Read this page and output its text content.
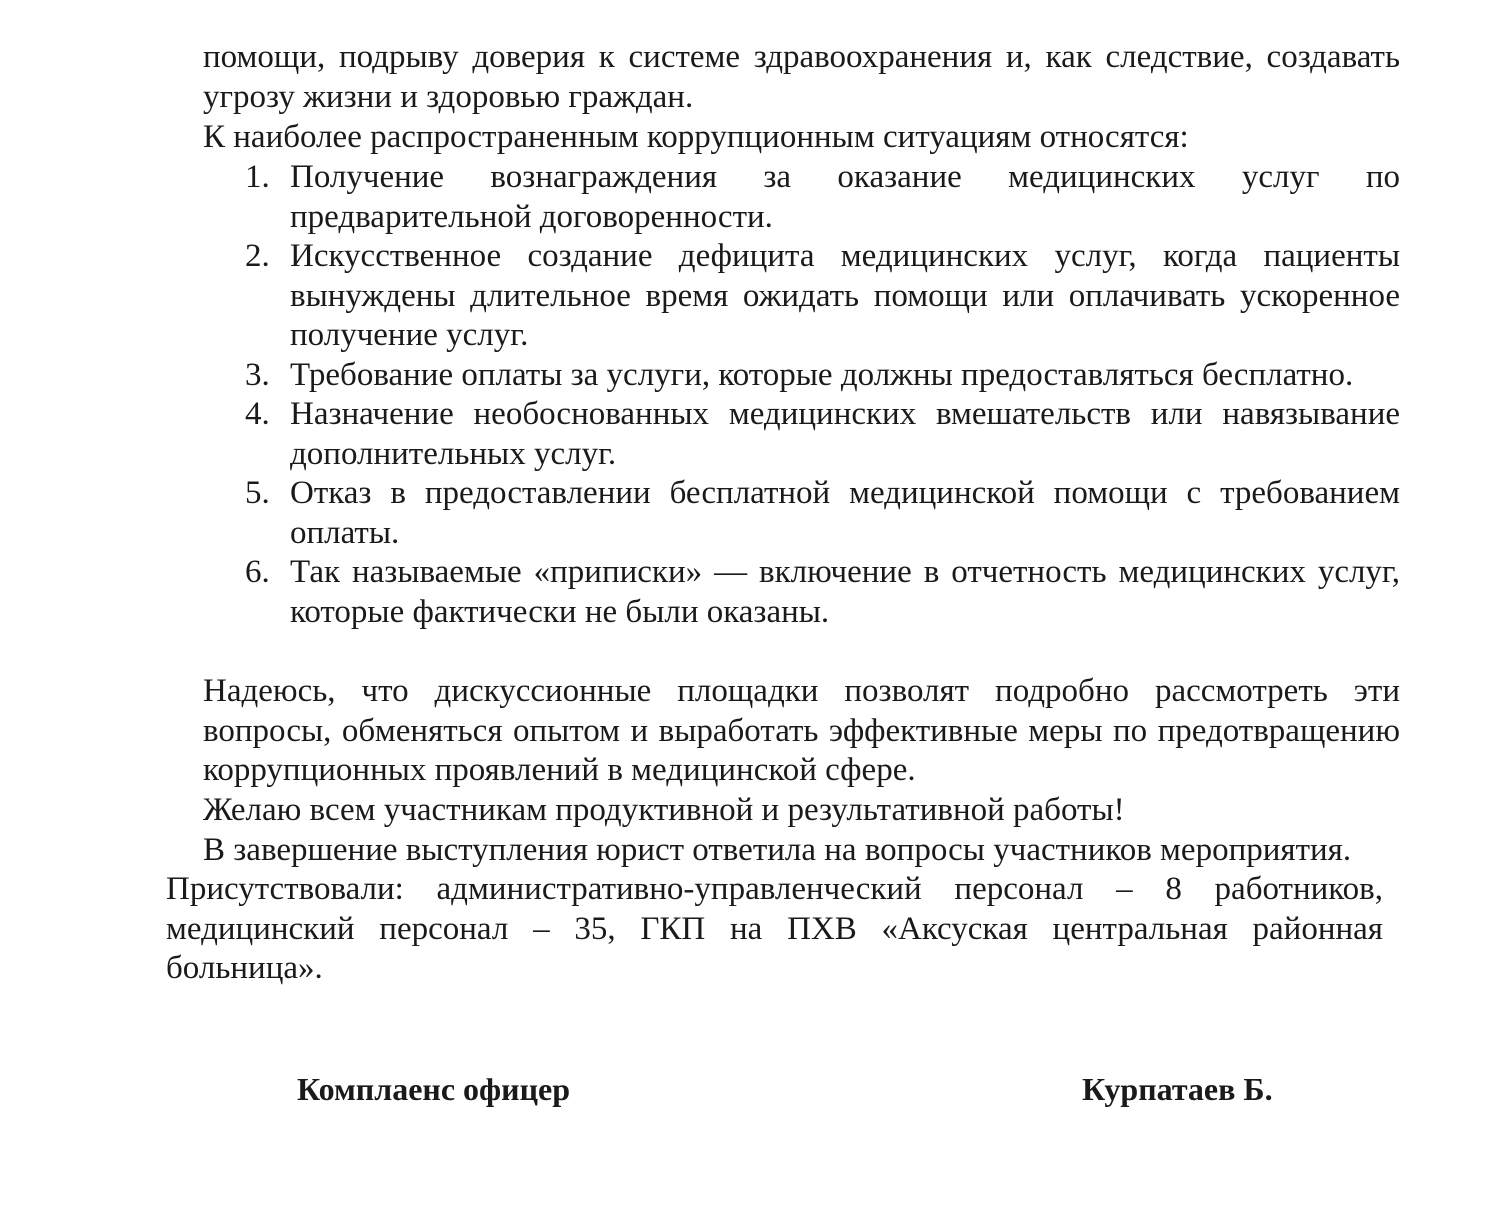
помощи, подрыву доверия к системе здравоохранения и, как следствие, создавать угрозу жизни и здоровью граждан.
К наиболее распространенным коррупционным ситуациям относятся:
1. Получение вознаграждения за оказание медицинских услуг по предварительной договоренности.
2. Искусственное создание дефицита медицинских услуг, когда пациенты вынуждены длительное время ожидать помощи или оплачивать ускоренное получение услуг.
3. Требование оплаты за услуги, которые должны предоставляться бесплатно.
4. Назначение необоснованных медицинских вмешательств или навязывание дополнительных услуг.
5. Отказ в предоставлении бесплатной медицинской помощи с требованием оплаты.
6. Так называемые «приписки» — включение в отчетность медицинских услуг, которые фактически не были оказаны.
Надеюсь, что дискуссионные площадки позволят подробно рассмотреть эти вопросы, обменяться опытом и выработать эффективные меры по предотвращению коррупционных проявлений в медицинской сфере.
Желаю всем участникам продуктивной и результативной работы!
В завершение выступления юрист ответила на вопросы участников мероприятия.
Присутствовали: административно-управленческий персонал – 8 работников, медицинский персонал – 35, ГКП на ПХВ «Аксуская центральная районная больница».
Комплаенс офицер	Курпатаев Б.
